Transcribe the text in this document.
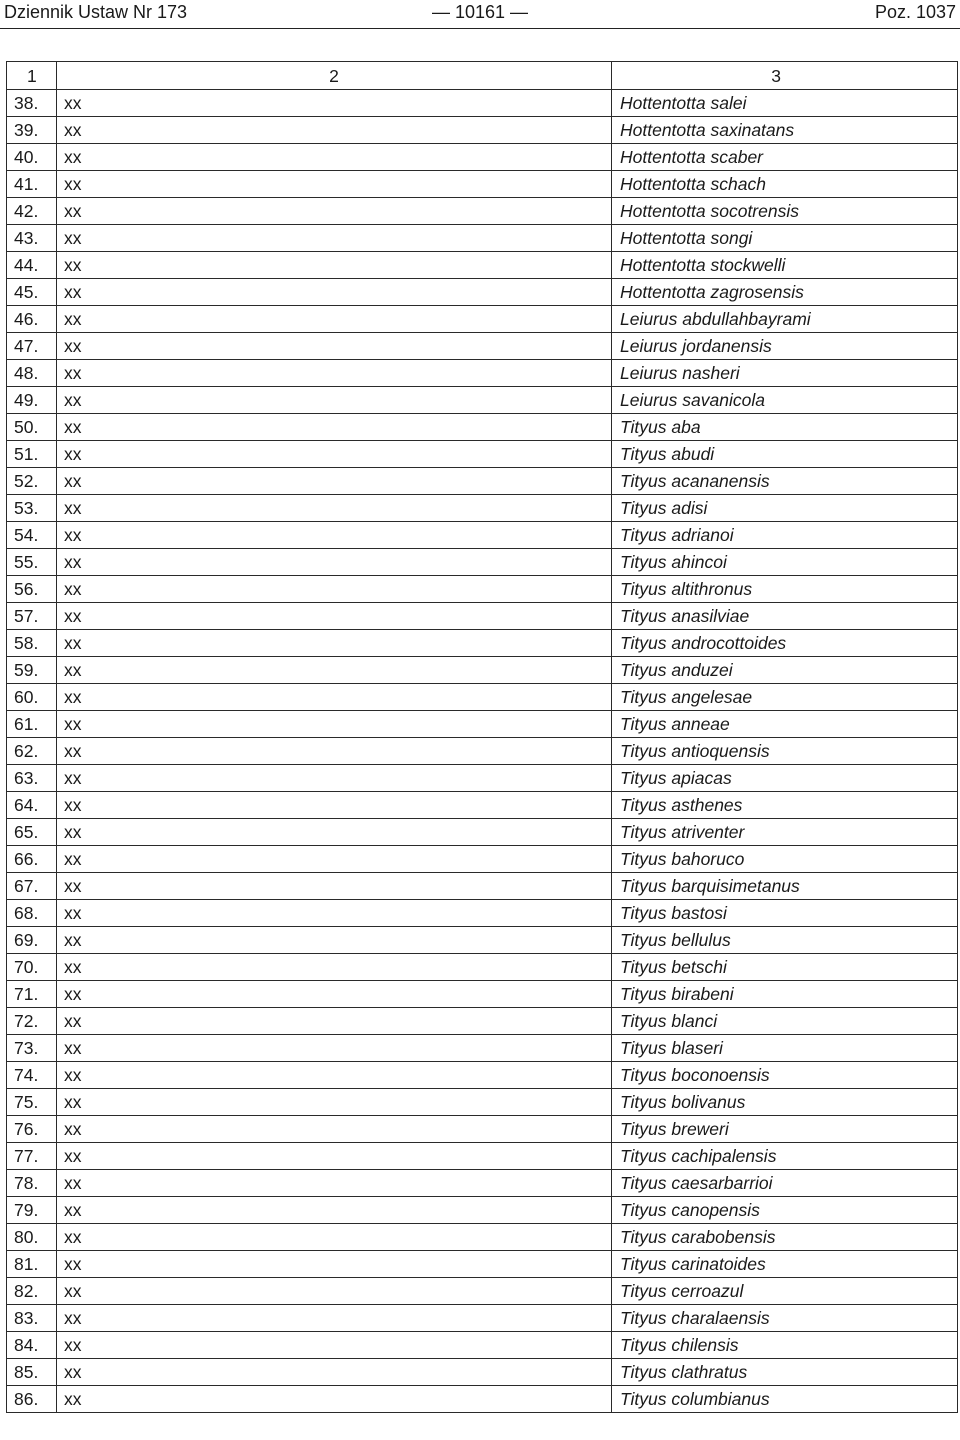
Dziennik Ustaw Nr 173	— 10161 —	Poz. 1037
1	2	3
38.	xx	Hottentotta salei
39.	xx	Hottentotta saxinatans
40.	xx	Hottentotta scaber
41.	xx	Hottentotta schach
42.	xx	Hottentotta socotrensis
43.	xx	Hottentotta songi
44.	xx	Hottentotta stockwelli
45.	xx	Hottentotta zagrosensis
46.	xx	Leiurus abdullahbayrami
47.	xx	Leiurus jordanensis
48.	xx	Leiurus nasheri
49.	xx	Leiurus savanicola
50.	xx	Tityus aba
51.	xx	Tityus abudi
52.	xx	Tityus acananensis
53.	xx	Tityus adisi
54.	xx	Tityus adrianoi
55.	xx	Tityus ahincoi
56.	xx	Tityus altithronus
57.	xx	Tityus anasilviae
58.	xx	Tityus androcottoides
59.	xx	Tityus anduzei
60.	xx	Tityus angelesae
61.	xx	Tityus anneae
62.	xx	Tityus antioquensis
63.	xx	Tityus apiacas
64.	xx	Tityus asthenes
65.	xx	Tityus atriventer
66.	xx	Tityus bahoruco
67.	xx	Tityus barquisimetanus
68.	xx	Tityus bastosi
69.	xx	Tityus bellulus
70.	xx	Tityus betschi
71.	xx	Tityus birabeni
72.	xx	Tityus blanci
73.	xx	Tityus blaseri
74.	xx	Tityus boconoensis
75.	xx	Tityus bolivanus
76.	xx	Tityus breweri
77.	xx	Tityus cachipalensis
78.	xx	Tityus caesarbarrioi
79.	xx	Tityus canopensis
80.	xx	Tityus carabobensis
81.	xx	Tityus carinatoides
82.	xx	Tityus cerroazul
83.	xx	Tityus charalaensis
84.	xx	Tityus chilensis
85.	xx	Tityus clathratus
86.	xx	Tityus columbianus
